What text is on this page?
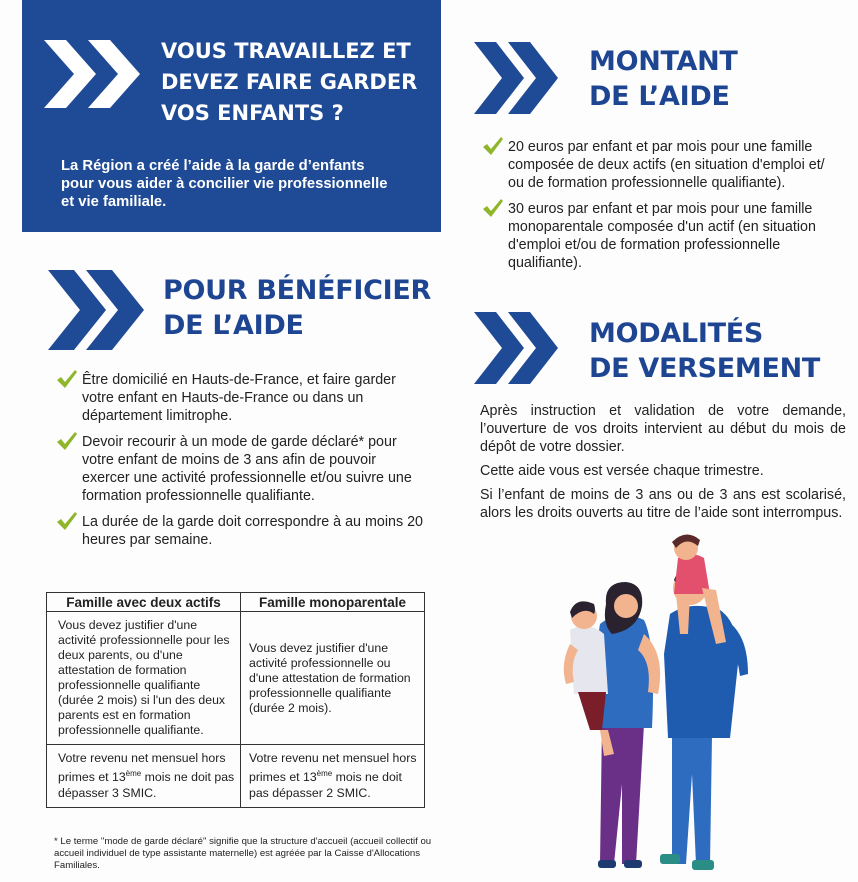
VOUS TRAVAILLEZ ET
DEVEZ FAIRE GARDER
VOS ENFANTS ?
La Région a créé l’aide à la garde d’enfants pour vous aider à concilier vie professionnelle et vie familiale.
POUR BÉNÉFICIER
DE L’AIDE
Être domicilié en Hauts-de-France, et faire garder votre enfant en Hauts-de-France ou dans un département limitrophe.
Devoir recourir à un mode de garde déclaré* pour votre enfant de moins de 3 ans afin de pouvoir exercer une activité professionnelle et/ou suivre une formation professionnelle qualifiante.
La durée de la garde doit correspondre à au moins 20 heures par semaine.
Famille avec deux actifs	Famille monoparentale
Vous devez justifier d'une activité professionnelle pour les deux parents, ou d'une attestation de formation professionnelle qualifiante (durée 2 mois) si l'un des deux parents est en formation professionnelle qualifiante.	Vous devez justifier d'une activité professionnelle ou d'une attestation de formation professionnelle qualifiante (durée 2 mois).
Votre revenu net mensuel hors primes et 13ème mois ne doit pas dépasser 3 SMIC.	Votre revenu net mensuel hors primes et 13ème mois ne doit pas dépasser 2 SMIC.
* Le terme "mode de garde déclaré" signifie que la structure d'accueil (accueil collectif ou accueil individuel de type assistante maternelle) est agréée par la Caisse d'Allocations Familiales.
MONTANT
DE L’AIDE
20 euros par enfant et par mois pour une famille composée de deux actifs (en situation d'emploi et/ ou de formation professionnelle qualifiante).
30 euros par enfant et par mois pour une famille monoparentale composée d'un actif (en situation d'emploi et/ou de formation professionnelle qualifiante).
MODALITÉS
DE VERSEMENT

Après instruction et validation de votre demande, l’ouverture de vos droits intervient au début du mois de dépôt de votre dossier.

Cette aide vous est versée chaque trimestre.

Si l’enfant de moins de 3 ans ou de 3 ans est scolarisé, alors les droits ouverts au titre de l’aide sont interrompus.
